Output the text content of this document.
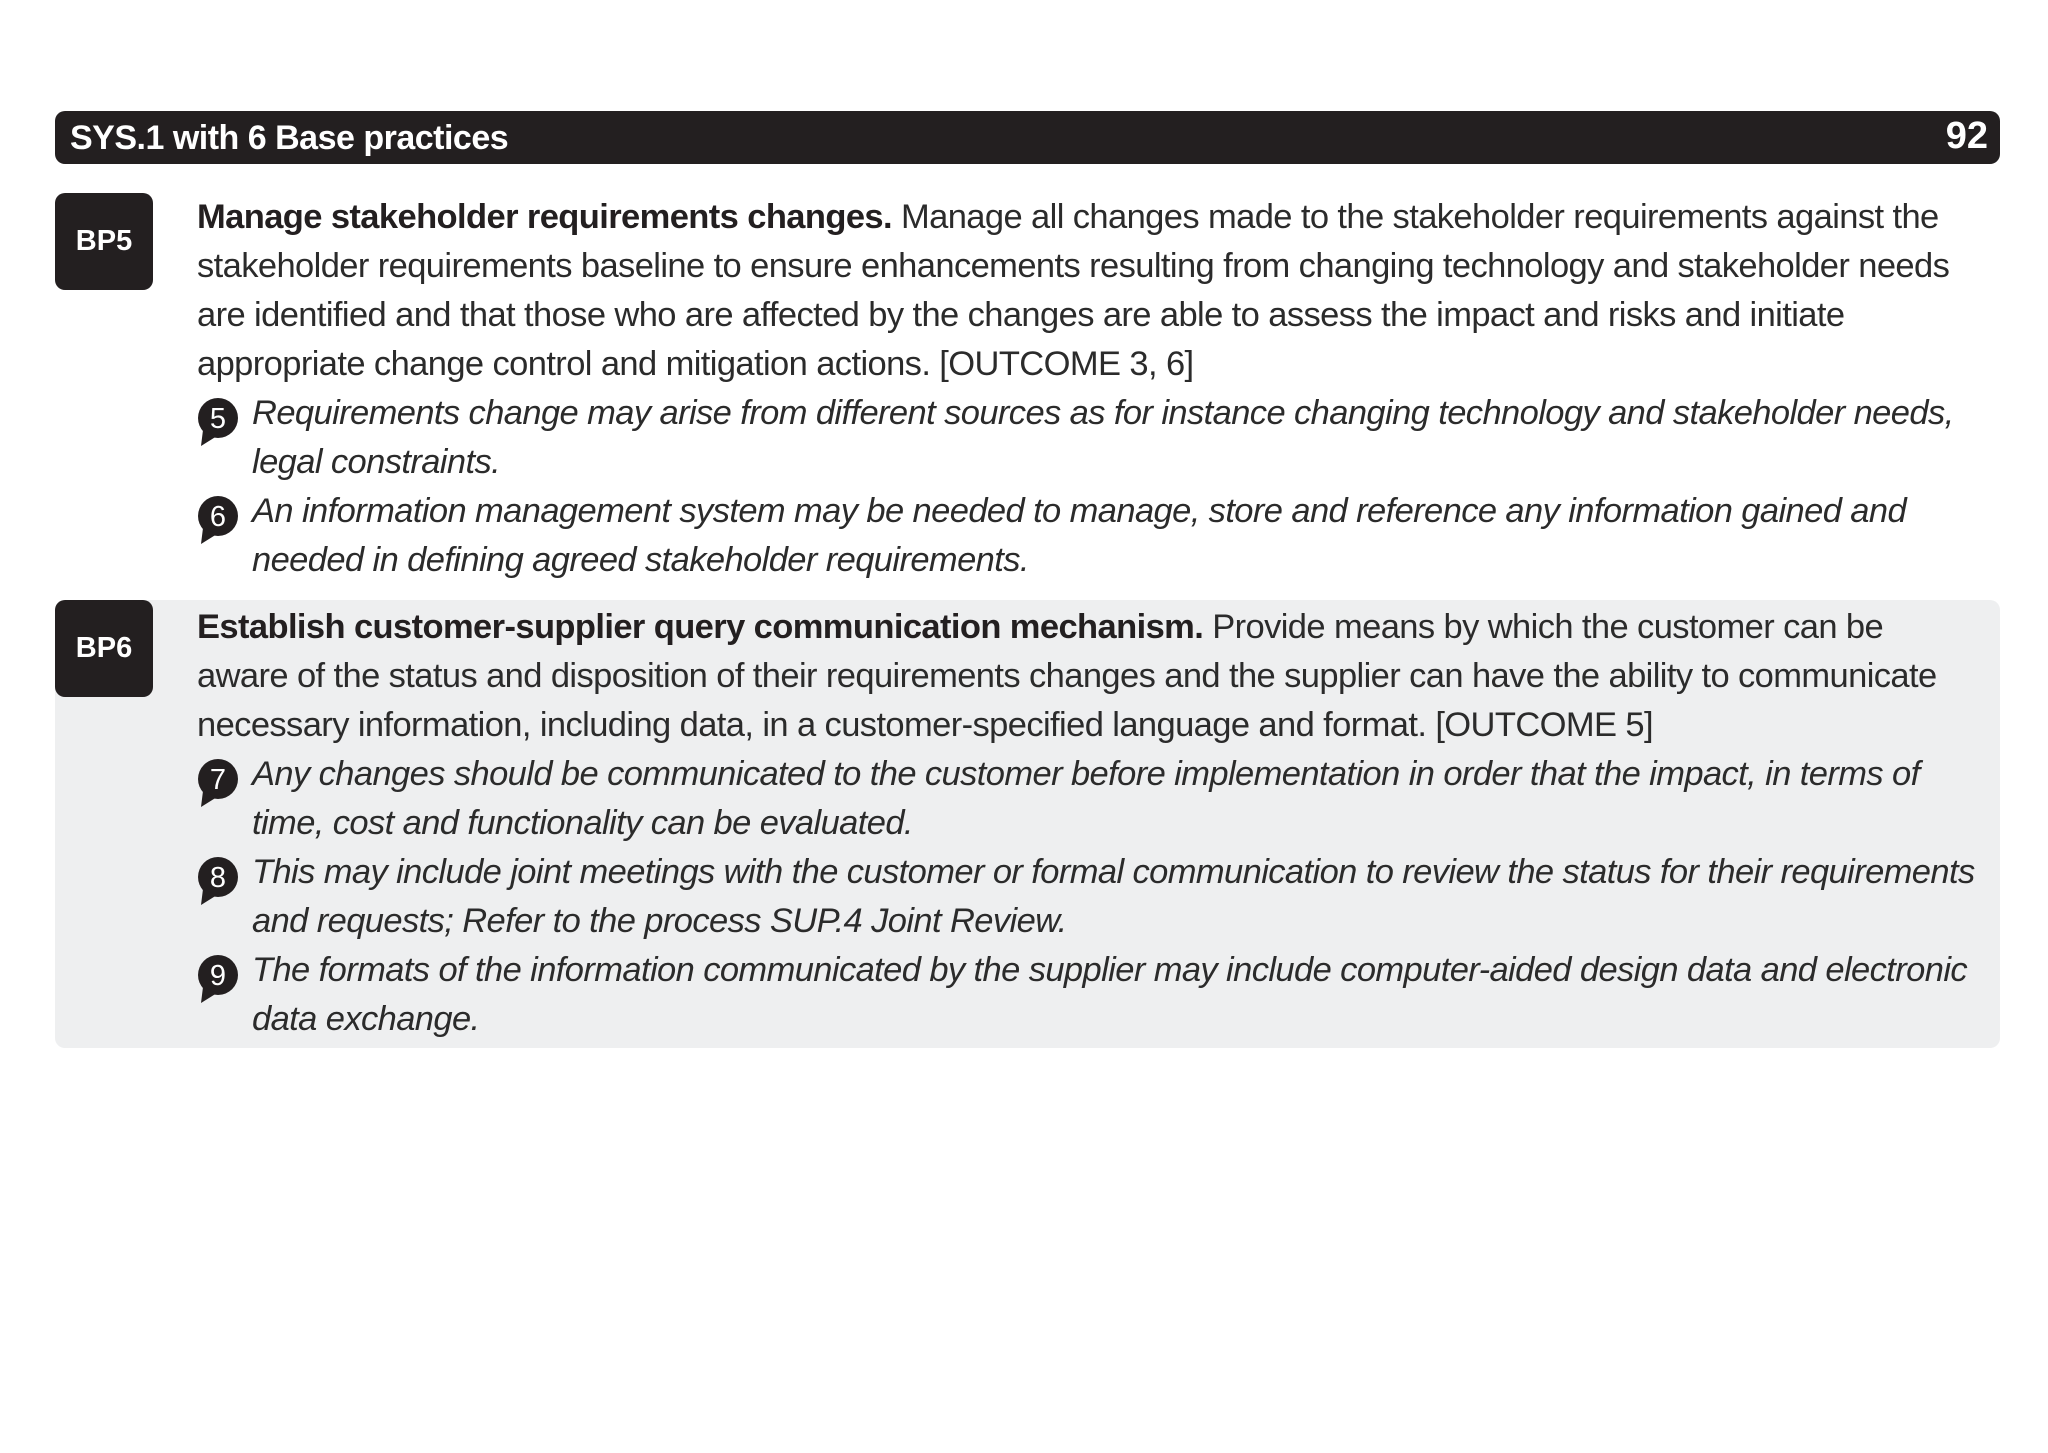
SYS.1 with 6 Base practices	92
BP5
Manage stakeholder requirements changes. Manage all changes made to the stakeholder requirements against the stakeholder requirements baseline to ensure enhancements resulting from changing technology and stakeholder needs are identified and that those who are affected by the changes are able to assess the impact and risks and initiate appropriate change control and mitigation actions. [OUTCOME 3, 6]
5 Requirements change may arise from different sources as for instance changing technology and stakeholder needs, legal constraints.
6 An information management system may be needed to manage, store and reference any information gained and needed in defining agreed stakeholder requirements.
BP6
Establish customer-supplier query communication mechanism. Provide means by which the customer can be aware of the status and disposition of their requirements changes and the supplier can have the ability to communicate necessary information, including data, in a customer-specified language and format. [OUTCOME 5]
7 Any changes should be communicated to the customer before implementation in order that the impact, in terms of time, cost and functionality can be evaluated.
8 This may include joint meetings with the customer or formal communication to review the status for their requirements and requests; Refer to the process SUP.4 Joint Review.
9 The formats of the information communicated by the supplier may include computer-aided design data and electronic data exchange.
